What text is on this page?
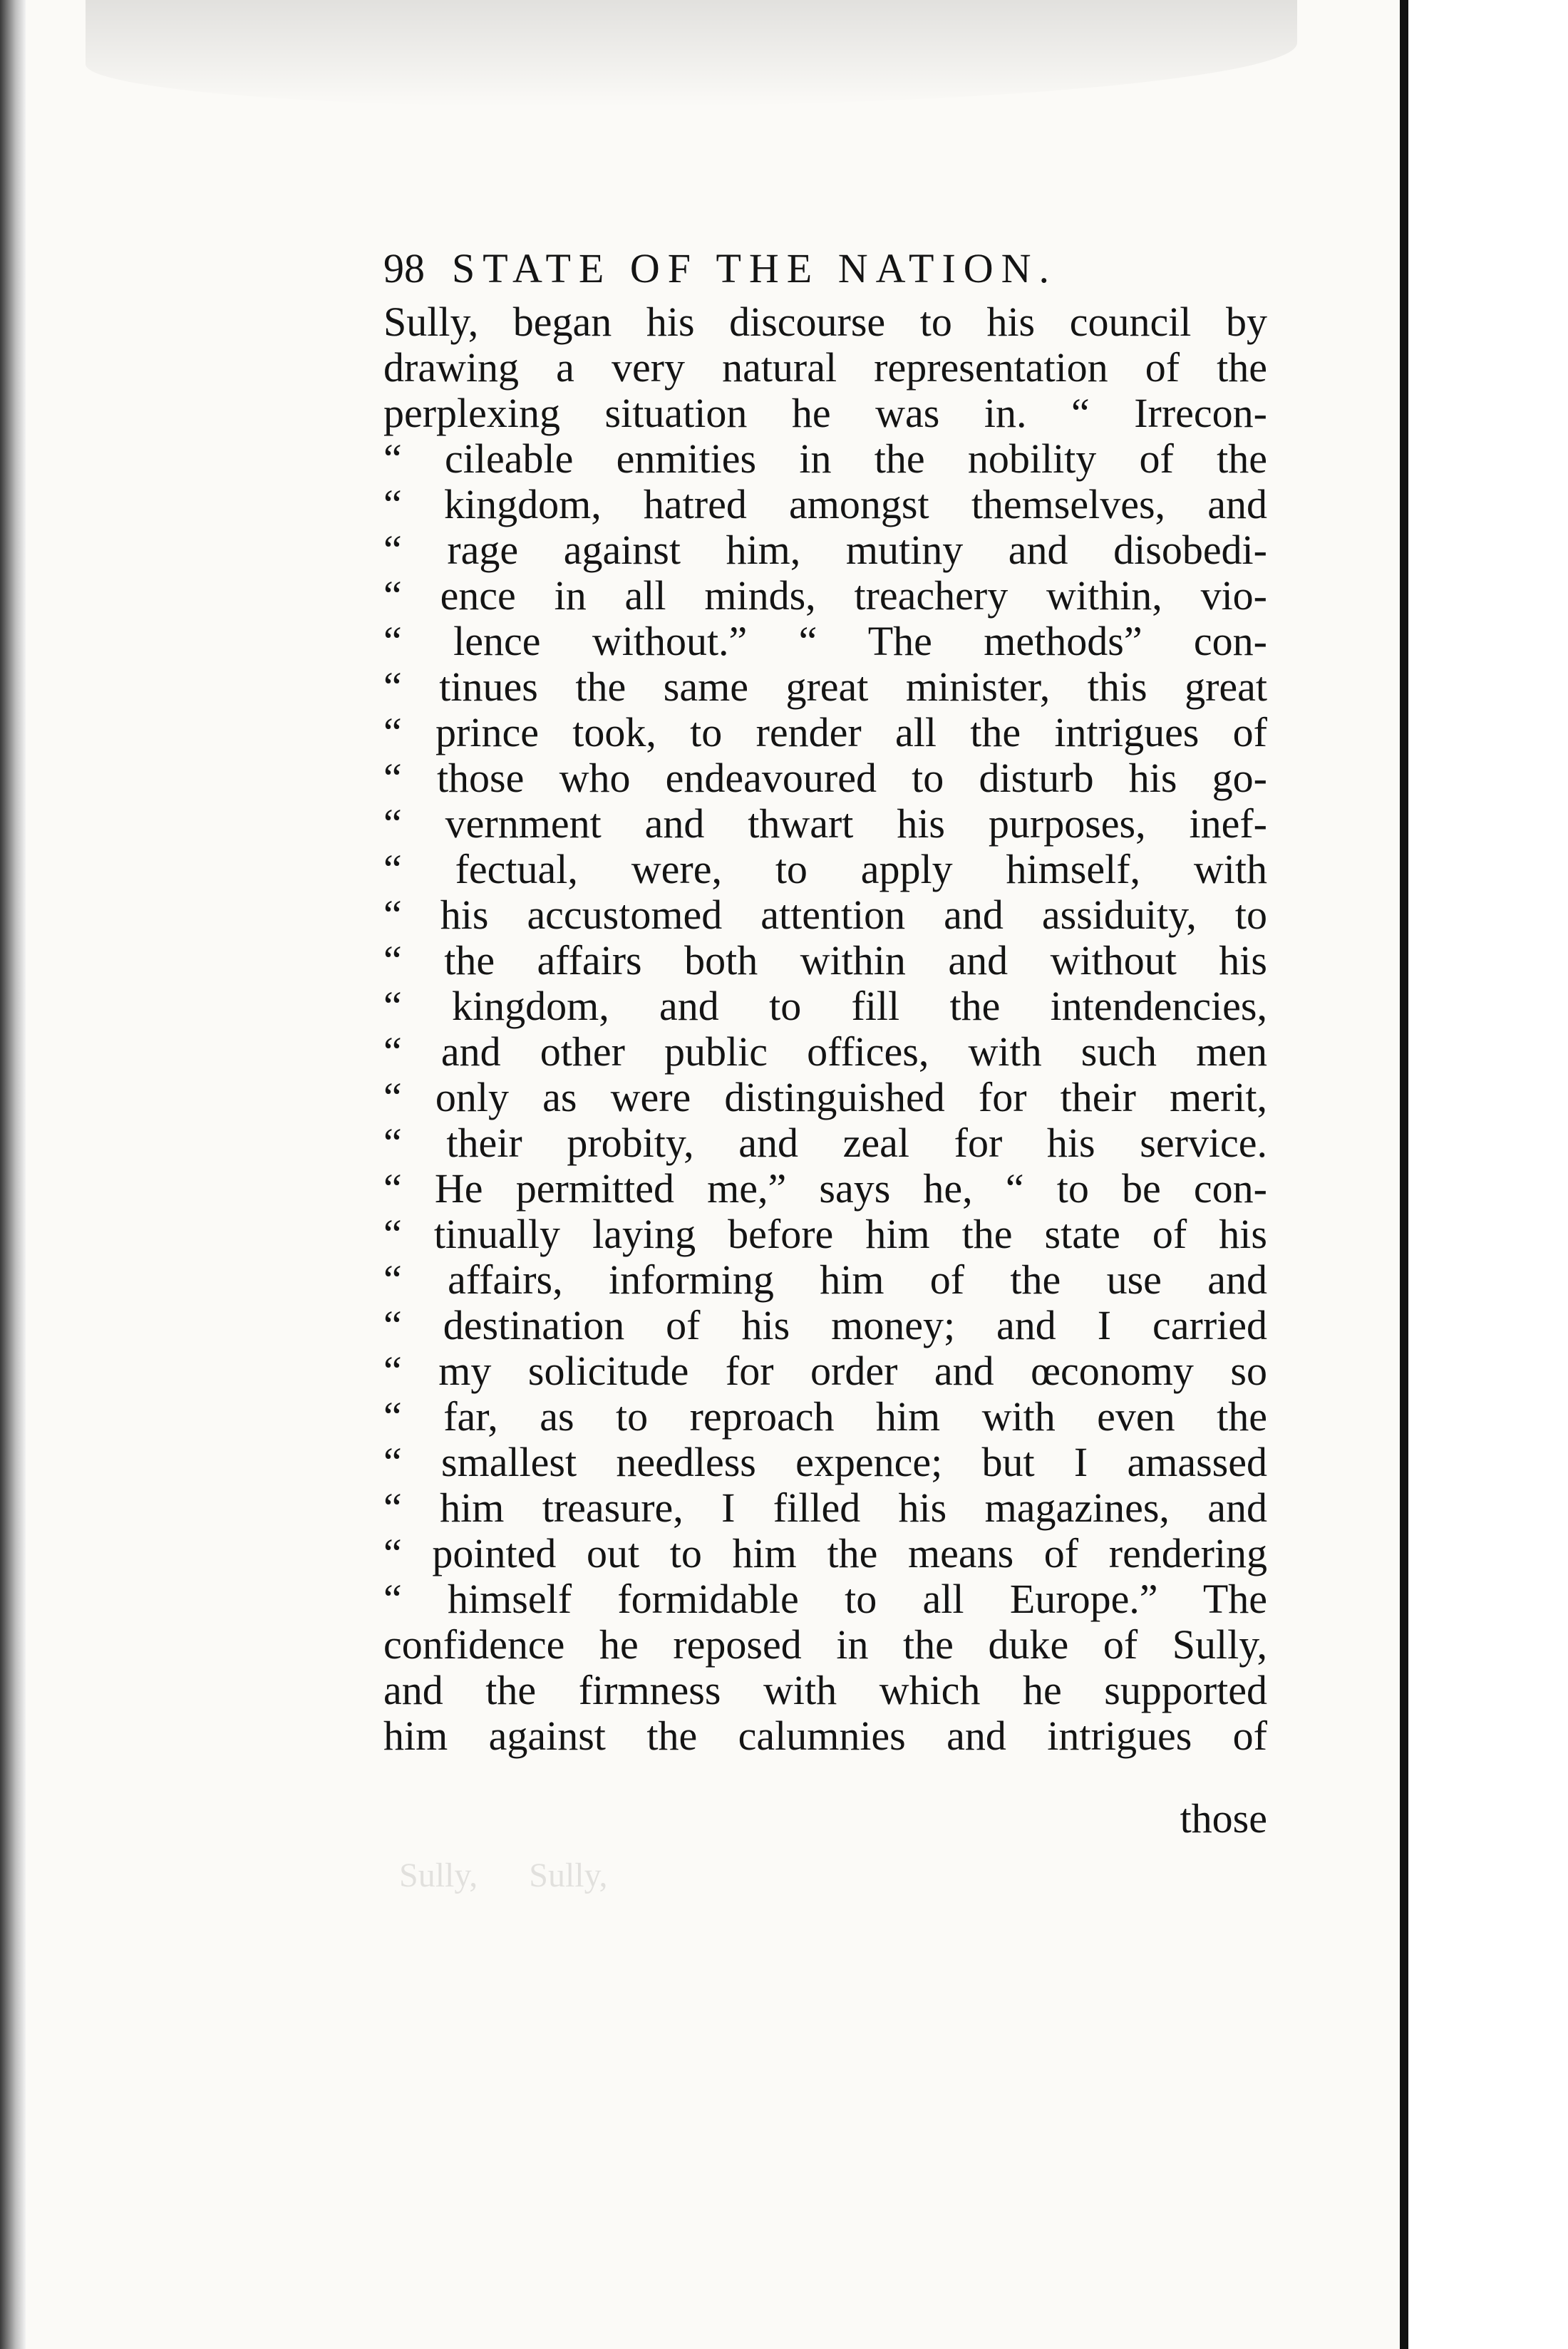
98 STATE OF THE NATION.
Sully, began his discourse to his council by
drawing a very natural representation of the
perplexing situation he was in. “ Irrecon-
“ cileable enmities in the nobility of the
“ kingdom, hatred amongst themselves, and
“ rage against him, mutiny and disobedi-
“ ence in all minds, treachery within, vio-
“ lence without.” “ The methods” con-
“ tinues the same great minister, this great
“ prince took, to render all the intrigues of
“ those who endeavoured to disturb his go-
“ vernment and thwart his purposes, inef-
“ fectual, were, to apply himself, with
“ his accustomed attention and assiduity, to
“ the affairs both within and without his
“ kingdom, and to fill the intendencies,
“ and other public offices, with such men
“ only as were distinguished for their merit,
“ their probity, and zeal for his service.
“ He permitted me,” says he, “ to be con-
“ tinually laying before him the state of his
“ affairs, informing him of the use and
“ destination of his money; and I carried
“ my solicitude for order and œconomy so
“ far, as to reproach him with even the
“ smallest needless expence; but I amassed
“ him treasure, I filled his magazines, and
“ pointed out to him the means of rendering
“ himself formidable to all Europe.” The
confidence he reposed in the duke of Sully,
and the firmness with which he supported
him against the calumnies and intrigues of
those
Sully, Sully,
